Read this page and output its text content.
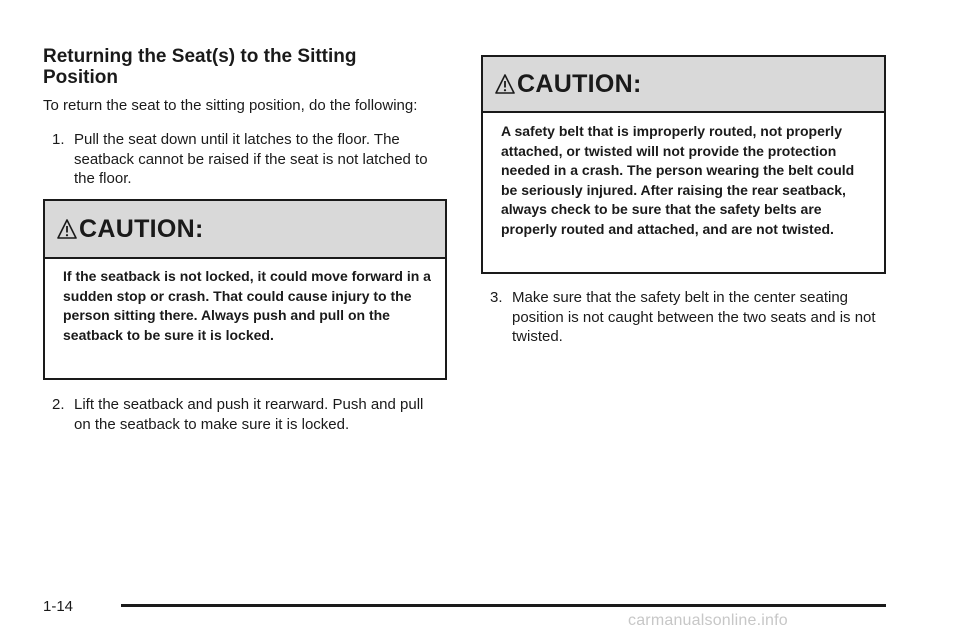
Returning the Seat(s) to the Sitting Position

To return the seat to the sitting position, do the following:

1. Pull the seat down until it latches to the floor. The seatback cannot be raised if the seat is not latched to the floor.
CAUTION:

If the seatback is not locked, it could move forward in a sudden stop or crash. That could cause injury to the person sitting there. Always push and pull on the seatback to be sure it is locked.

2. Lift the seatback and push it rearward. Push and pull on the seatback to make sure it is locked.
CAUTION:

A safety belt that is improperly routed, not properly attached, or twisted will not provide the protection needed in a crash. The person wearing the belt could be seriously injured. After raising the rear seatback, always check to be sure that the safety belts are properly routed and attached, and are not twisted.

3. Make sure that the safety belt in the center seating position is not caught between the two seats and is not twisted.

1-14

carmanualsonline.info
